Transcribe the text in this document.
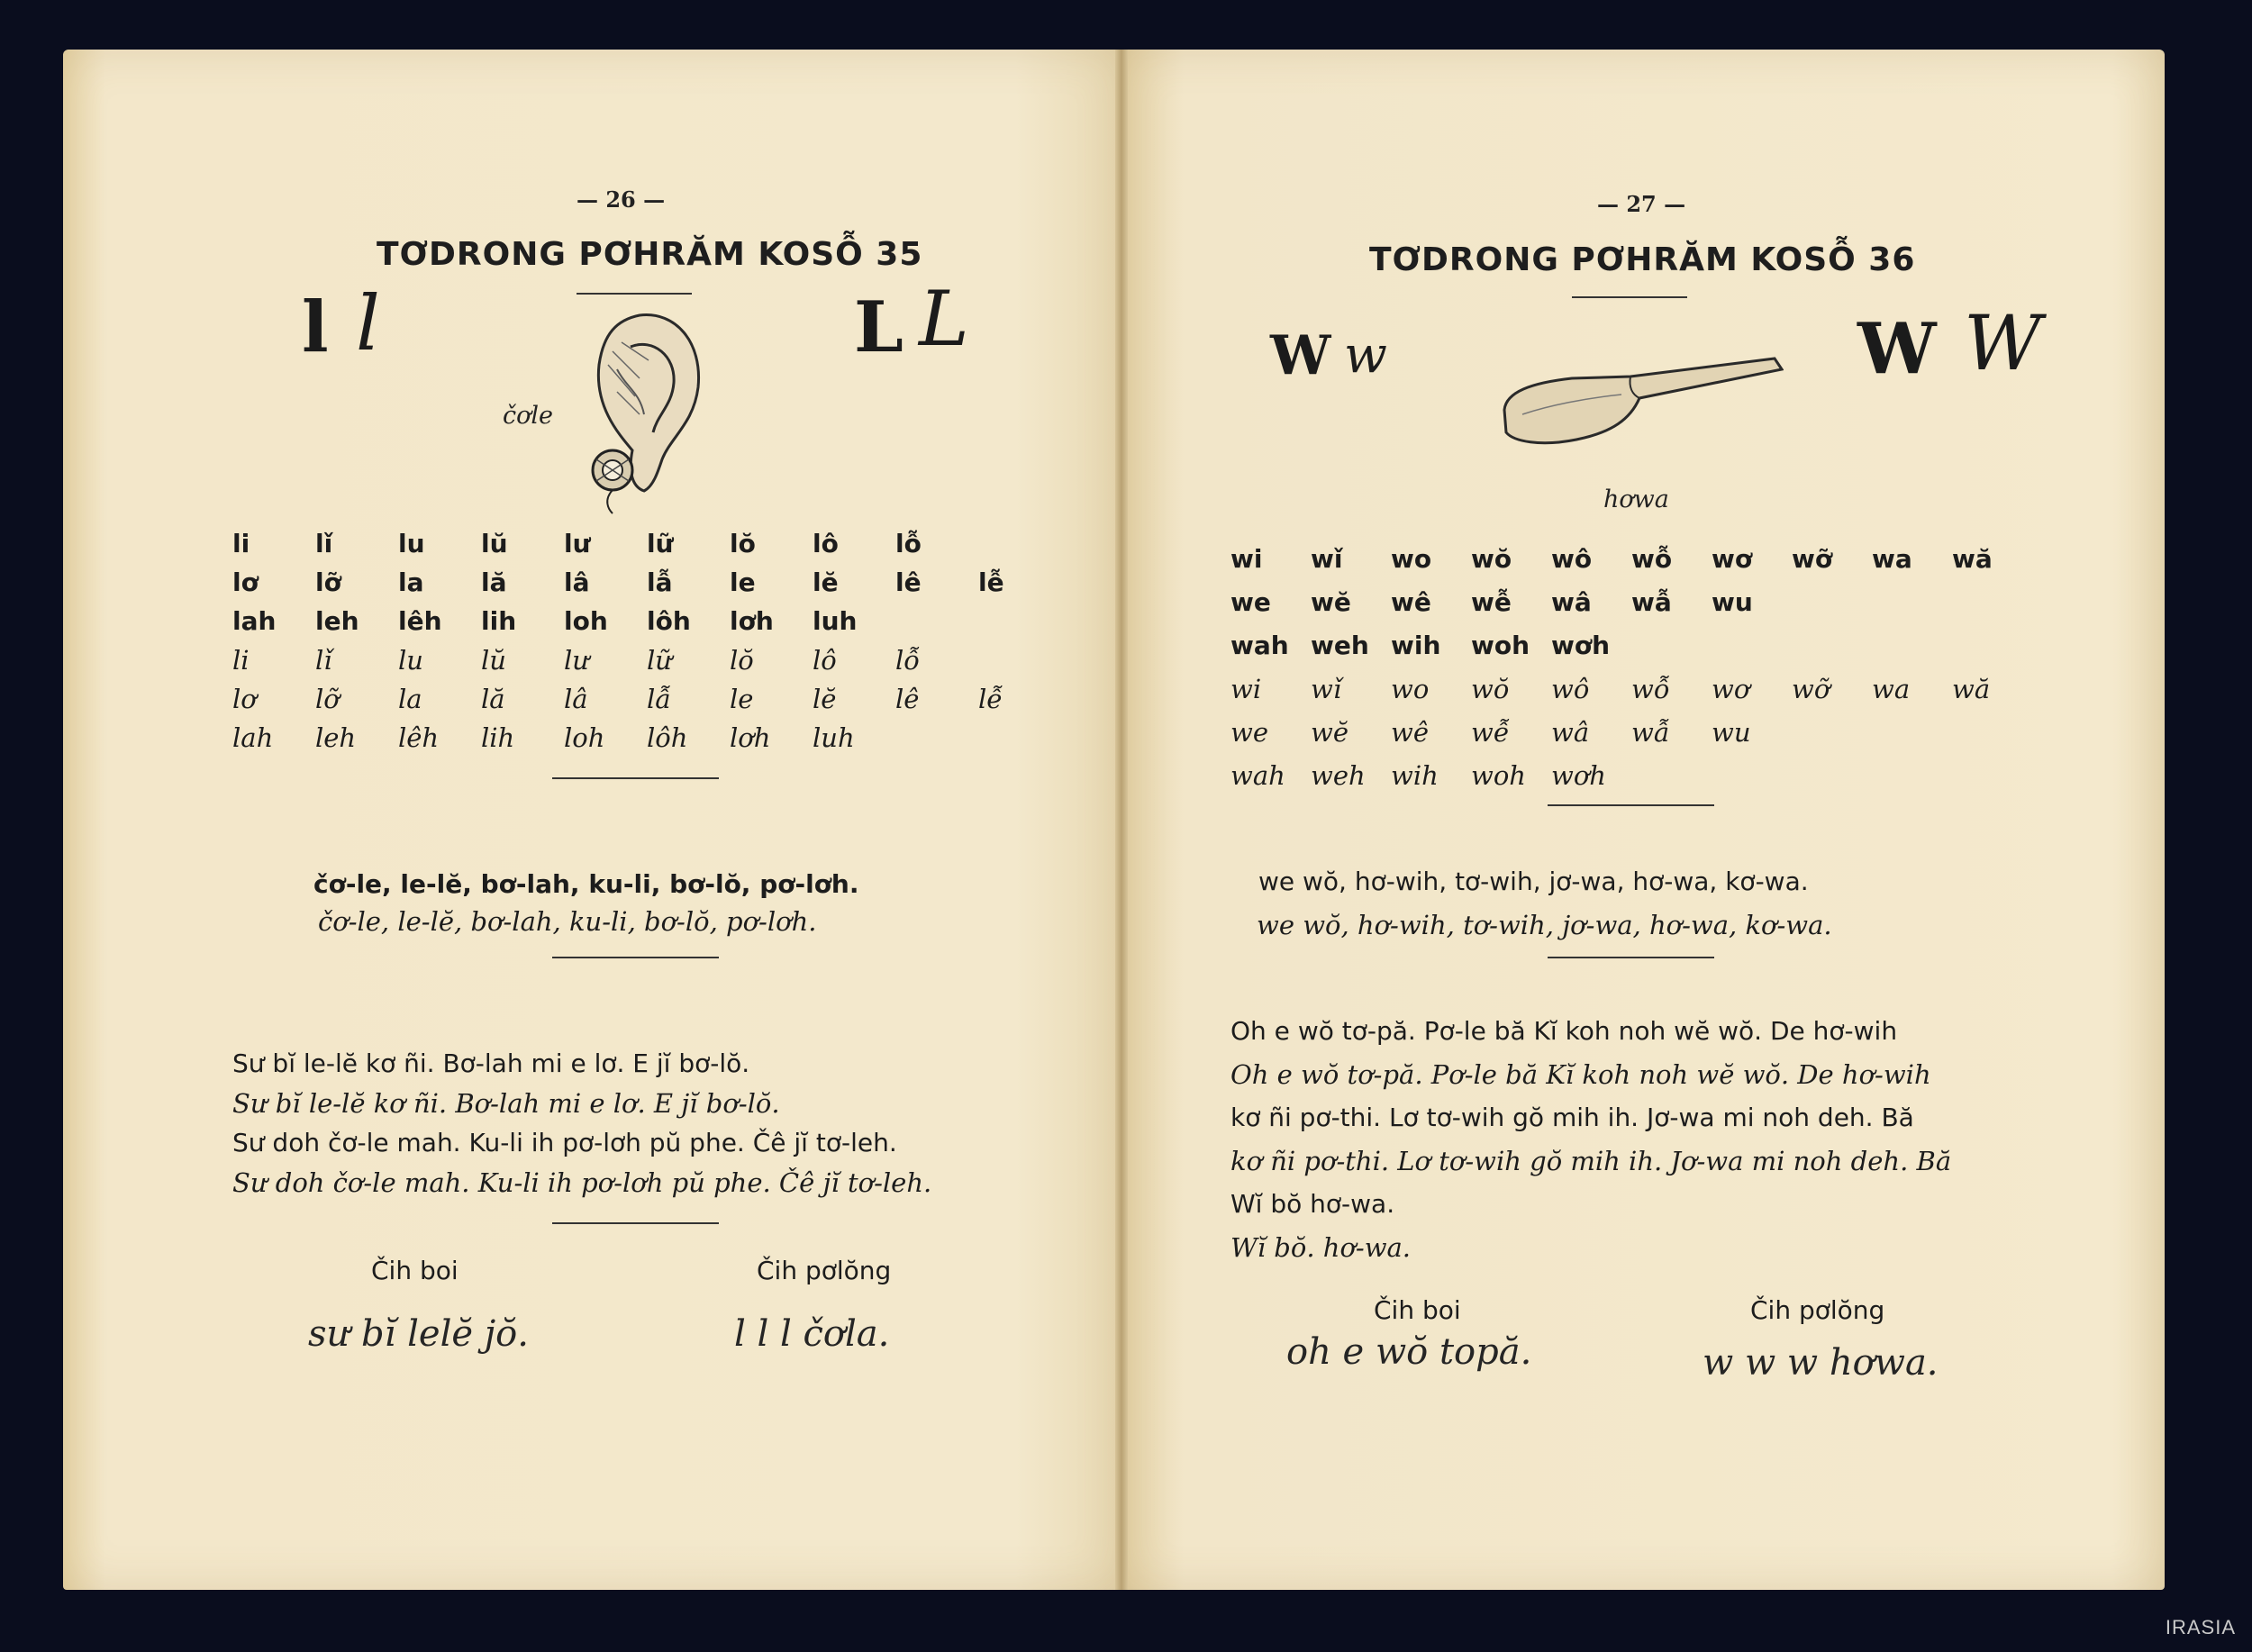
— 26 —
TƠDRONG PƠHRĂM KOSỖ 35
l l	L L
čơle
li	lǐ	lu lŭ lư lữ lŏ lô lỗ
lơ lỡ la lă lâ lẫ le lĕ lê lễ
lah leh lêh lih loh lôh lơh luh
li	lǐ	lu lŭ lư lữ lŏ lô lỗ
lơ lỡ la lă lâ lẫ le lĕ lê lễ
lah leh lêh lih loh lôh lơh luh
čơ-le, le-lĕ, bơ-lah, ku-li, bơ-lŏ, pơ-lơh.
čơ-le, le-lĕ, bơ-lah, ku-li, bơ-lŏ, pơ-lơh.
Sư bĭ le-lĕ kơ ñi. Bơ-lah mi e lơ. E jĭ bơ-lŏ.
Sư bĭ le-lĕ kơ ñi. Bơ-lah mi e lơ. E jĭ bơ-lŏ.
Sư doh čơ-le mah. Ku-li ih pơ-lơh pŭ phe. Čê jĭ tơ-leh.
Sư doh čơ-le mah. Ku-li ih pơ-lơh pŭ phe. Čê jĭ tơ-leh.
Čih boi	Čih pơlŏng
sư bĭ lelĕ jŏ.	l l l čơla.
— 27 —
TƠDRONG PƠHRĂM KOSỖ 36
W w	W W
hơwa
wi wǐ wo wŏ wô wỗ wơ wỡ wa wă
we wĕ wê wễ wâ wẫ wu
wah weh wih woh wơh
wi wǐ wo wŏ wô wỗ wơ wỡ wa wă
we wĕ wê wễ wâ wẫ wu
wah weh wih woh wơh
we wŏ, hơ-wih, tơ-wih, jơ-wa, hơ-wa, kơ-wa.
we wŏ, hơ-wih, tơ-wih, jơ-wa, hơ-wa, kơ-wa.
Oh e wŏ tơ-pă. Pơ-le bă Kĭ koh noh wĕ wŏ. De hơ-wih
Oh e wŏ tơ-pă. Pơ-le bă Kĭ koh noh wĕ wŏ. De hơ-wih
kơ ñi pơ-thi. Lơ tơ-wih gŏ mih ih. Jơ-wa mi noh deh. Bă
kơ ñi pơ-thi. Lơ tơ-wih gŏ mih ih. Jơ-wa mi noh deh. Bă
Wĭ bŏ hơ-wa.
Wĭ bŏ. hơ-wa.
Čih boi	Čih pơlŏng
oh e wŏ topă.	w w w hơwa.
IRASIA
